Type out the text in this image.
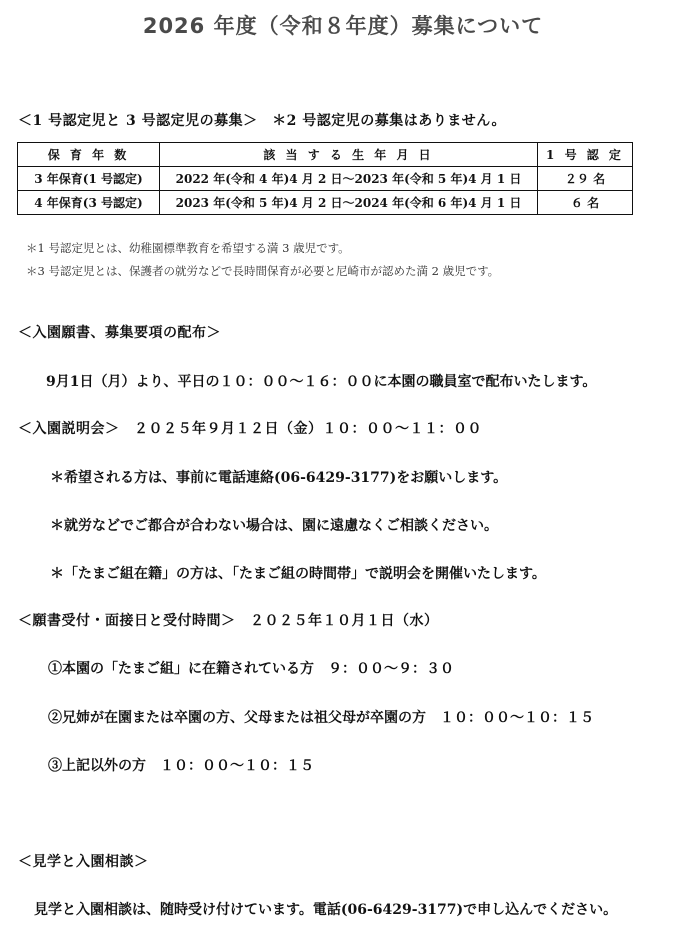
2026 年度（令和８年度）募集について
＜1 号認定児と 3 号認定児の募集＞　＊2 号認定児の募集はありません。
保 育 年 数	該 当 す る 生 年 月 日	1 号 認 定
3 年保育(1 号認定)	2022 年(令和 4 年)4 月 2 日～2023 年(令和 5 年)4 月 1 日	２９ 名
4 年保育(3 号認定)	2023 年(令和 5 年)4 月 2 日～2024 年(令和 6 年)4 月 1 日	６ 名
＊1 号認定児とは、幼稚園標準教育を希望する満 3 歳児です。
＊3 号認定児とは、保護者の就労などで長時間保育が必要と尼崎市が認めた満 2 歳児です。
＜入園願書、募集要項の配布＞
9月1日（月）より、平日の１０：００～１６：００に本園の職員室で配布いたします。
＜入園説明会＞　２０２５年９月１２日（金）１０：００～１１：００
＊希望される方は、事前に電話連絡(06-6429-3177)をお願いします。
＊就労などでご都合が合わない場合は、園に遠慮なくご相談ください。
＊「たまご組在籍」の方は、「たまご組の時間帯」で説明会を開催いたします。
＜願書受付・面接日と受付時間＞　２０２５年１０月１日（水）
①本園の「たまご組」に在籍されている方　９：００～９：３０
②兄姉が在園または卒園の方、父母または祖父母が卒園の方　１０：００～１０：１５
③上記以外の方　１０：００～１０：１５
＜見学と入園相談＞
見学と入園相談は、随時受け付けています。電話(06-6429-3177)で申し込んでください。
